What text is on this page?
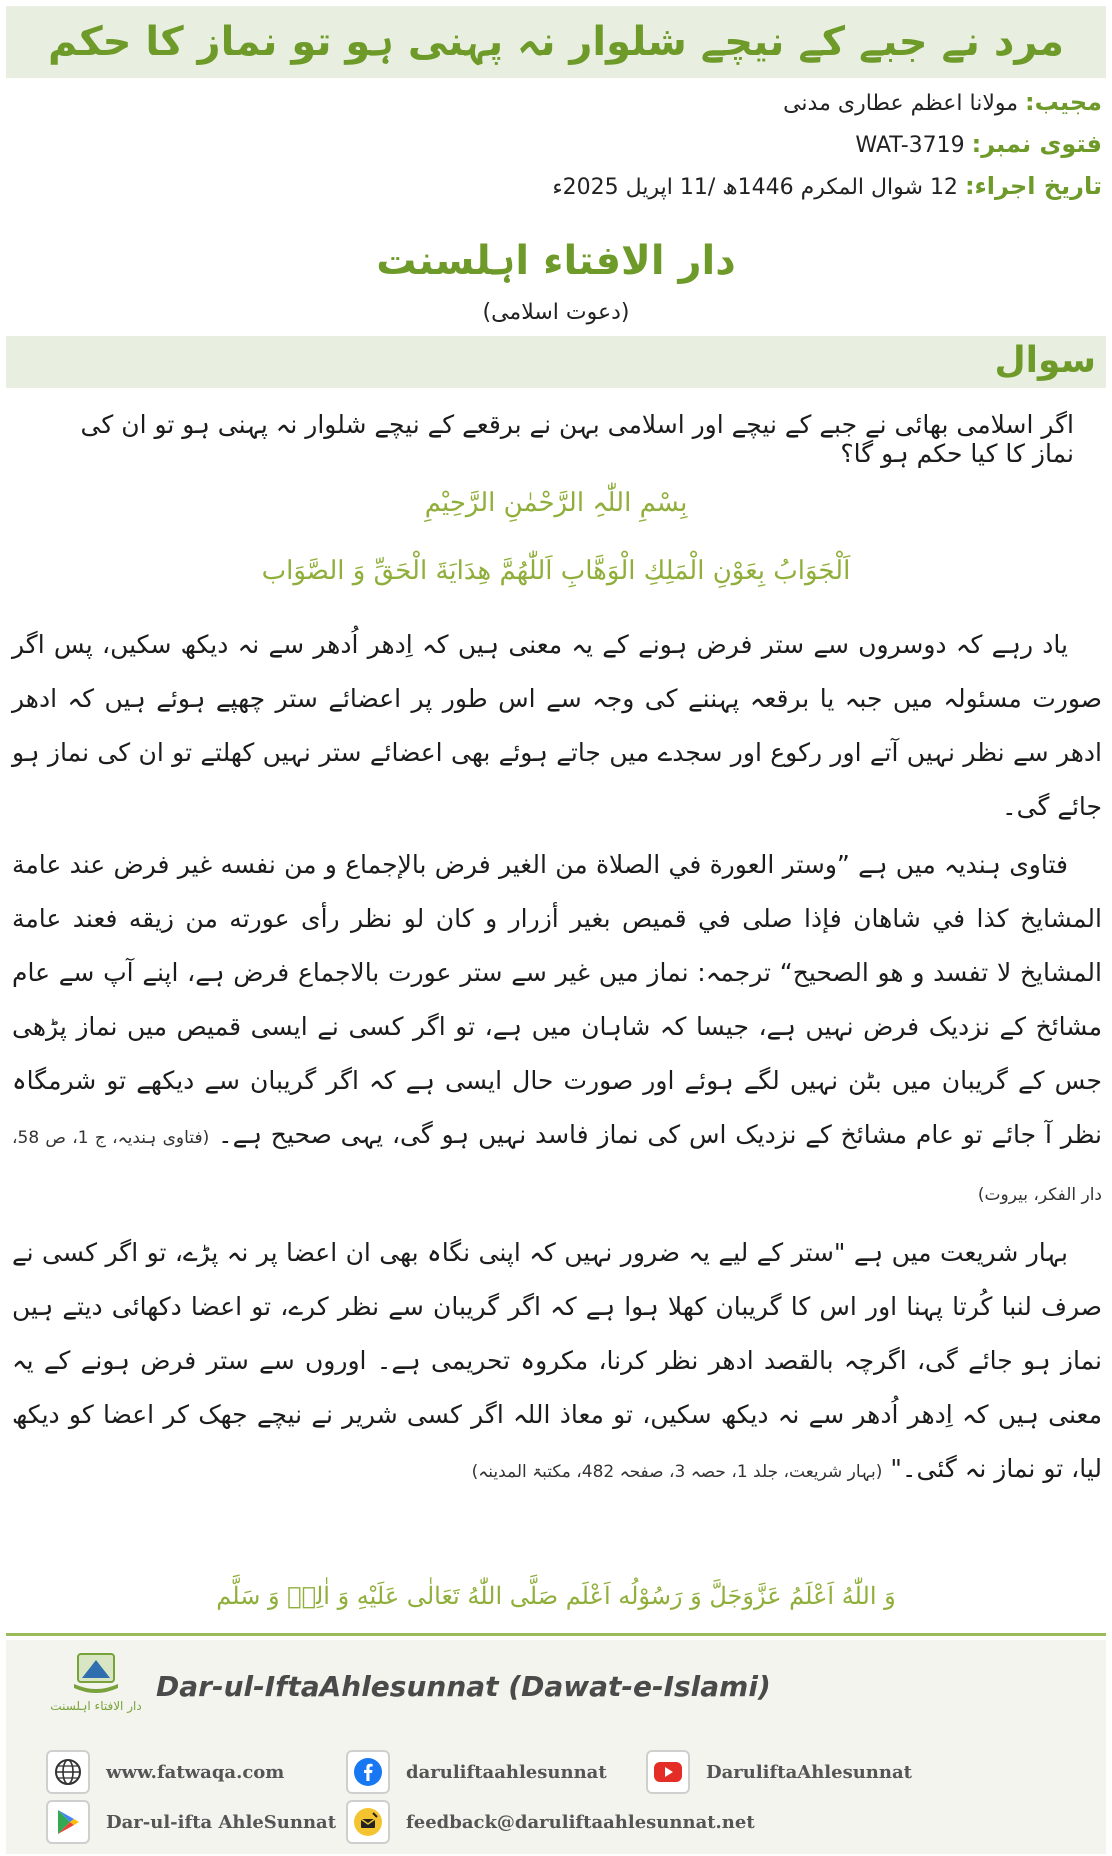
مرد نے جبے کے نیچے شلوار نہ پہنی ہو تو نماز کا حکم
مجیب: مولانا اعظم عطاری مدنی
فتوی نمبر: WAT-3719
تاریخ اجراء: 12 شوال المکرم 1446ھ /11 اپریل 2025ء
دار الافتاء اہلسنت
(دعوت اسلامی)
سوال
اگر اسلامی بھائی نے جبے کے نیچے اور اسلامی بہن نے برقعے کے نیچے شلوار نہ پہنی ہو تو ان کی نماز کا کیا حکم ہو گا؟
بِسْمِ اللّٰہِ الرَّحْمٰنِ الرَّحِیْمِ
اَلْجَوَابُ بِعَوْنِ الْمَلِكِ الْوَهَّابِ اَللّٰهُمَّ هِدَايَةَ الْحَقِّ وَ الصَّوَاب

یاد رہے کہ دوسروں سے ستر فرض ہونے کے یہ معنی ہیں کہ اِدھر اُدھر سے نہ دیکھ سکیں، پس اگر صورت مسئولہ میں جبہ یا برقعہ پہننے کی وجہ سے اس طور پر اعضائے ستر چھپے ہوئے ہیں کہ ادھر ادھر سے نظر نہیں آتے اور رکوع اور سجدے میں جاتے ہوئے بھی اعضائے ستر نہیں کھلتے تو ان کی نماز ہو جائے گی۔

فتاوی ہندیہ میں ہے ”وستر العورة في الصلاة من الغير فرض بالإجماع و من نفسه غير فرض عند عامة المشايخ كذا في شاهان فإذا صلى في قميص بغير أزرار و كان لو نظر رأى عورته من زيقه فعند عامة المشايخ لا تفسد و هو الصحيح“ ترجمہ: نماز میں غیر سے ستر عورت بالاجماع فرض ہے، اپنے آپ سے عام مشائخ کے نزدیک فرض نہیں ہے، جیسا کہ شاہان میں ہے، تو اگر کسی نے ایسی قمیص میں نماز پڑھی جس کے گریبان میں بٹن نہیں لگے ہوئے اور صورت حال ایسی ہے کہ اگر گریبان سے دیکھے تو شرمگاہ نظر آ جائے تو عام مشائخ کے نزدیک اس کی نماز فاسد نہیں ہو گی، یہی صحیح ہے۔ (فتاوی ہندیہ، ج 1، ص 58، دار الفکر، بیروت)

بہار شریعت میں ہے "ستر کے لیے یہ ضرور نہیں کہ اپنی نگاہ بھی ان اعضا پر نہ پڑے، تو اگر کسی نے صرف لنبا کُرتا پہنا اور اس کا گریبان کھلا ہوا ہے کہ اگر گریبان سے نظر کرے، تو اعضا دکھائی دیتے ہیں نماز ہو جائے گی، اگرچہ بالقصد ادھر نظر کرنا، مکروہ تحریمی ہے۔ اوروں سے ستر فرض ہونے کے یہ معنی ہیں کہ اِدھر اُدھر سے نہ دیکھ سکیں، تو معاذ اللہ اگر کسی شریر نے نیچے جھک کر اعضا کو دیکھ لیا، تو نماز نہ گئی۔" (بہار شریعت، جلد 1، حصہ 3، صفحہ 482، مکتبۃ المدینہ)

وَ اللّٰهُ اَعْلَمُ عَزَّوَجَلَّ وَ رَسُوْلُه اَعْلَم صَلَّی اللّٰهُ تَعَالٰی عَلَیْهِ وَ اٰلِهٖ وَ سَلَّم
دار الافتاء اہلسنت
Dar-ul-IftaAhlesunnat (Dawat-e-Islami)
www.fatwaqa.com	daruliftaahlesunnat	DaruliftaAhlesunnat
Dar-ul-ifta AhleSunnat	feedback@daruliftaahlesunnat.net
